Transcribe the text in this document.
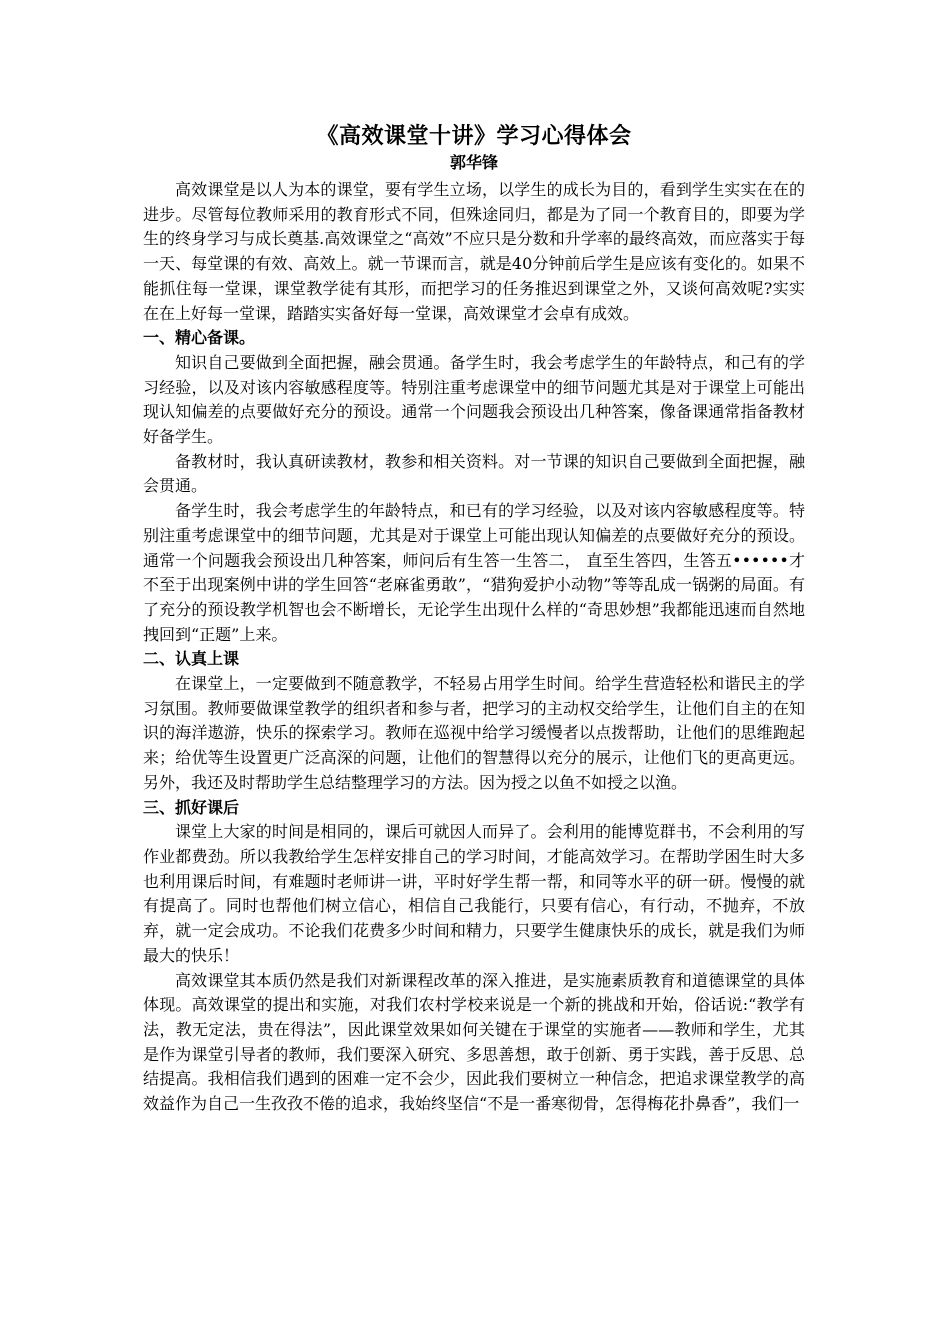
《高效课堂十讲》学习心得体会
郭华锋

高效课堂是以人为本的课堂，要有学生立场，以学生的成长为目的，看到学生实实在在的进步。尽管每位教师采用的教育形式不同，但殊途同归，都是为了同一个教育目的，即要为学生的终身学习与成长奠基.高效课堂之“高效”不应只是分数和升学率的最终高效，而应落实于每一天、每堂课的有效、高效上。就一节课而言，就是40分钟前后学生是应该有变化的。如果不能抓住每一堂课，课堂教学徒有其形，而把学习的任务推迟到课堂之外，又谈何高效呢?实实在在上好每一堂课，踏踏实实备好每一堂课，高效课堂才会卓有成效。

一、精心备课。

知识自己要做到全面把握，融会贯通。备学生时，我会考虑学生的年龄特点，和己有的学习经验，以及对该内容敏感程度等。特别注重考虑课堂中的细节问题尤其是对于课堂上可能出现认知偏差的点要做好充分的预设。通常一个问题我会预设出几种答案，像备课通常指备教材好备学生。

备教材时，我认真研读教材，教参和相关资料。对一节课的知识自己要做到全面把握，融会贯通。

备学生时，我会考虑学生的年龄特点，和已有的学习经验，以及对该内容敏感程度等。特别注重考虑课堂中的细节问题，尤其是对于课堂上可能出现认知偏差的点要做好充分的预设。通常一个问题我会预设出几种答案，师问后有生答一生答二， 直至生答四，生答五••••••才不至于出现案例中讲的学生回答“老麻雀勇敢”，“猎狗爱护小动物”等等乱成一锅粥的局面。有了充分的预设教学机智也会不断增长，无论学生出现什么样的“奇思妙想”我都能迅速而自然地拽回到“正题”上来。

二、认真上课

在课堂上，一定要做到不随意教学，不轻易占用学生时间。给学生营造轻松和谐民主的学习氛围。教师要做课堂教学的组织者和参与者，把学习的主动权交给学生，让他们自主的在知识的海洋遨游，快乐的探索学习。教师在巡视中给学习缓慢者以点拨帮助，让他们的思维跑起来；给优等生设置更广泛高深的问题，让他们的智慧得以充分的展示，让他们飞的更高更远。另外，我还及时帮助学生总结整理学习的方法。因为授之以鱼不如授之以渔。

三、抓好课后

课堂上大家的时间是相同的，课后可就因人而异了。会利用的能博览群书，不会利用的写作业都费劲。所以我教给学生怎样安排自己的学习时间，才能高效学习。在帮助学困生时大多也利用课后时间，有难题时老师讲一讲，平时好学生帮一帮，和同等水平的研一研。慢慢的就有提高了。同时也帮他们树立信心，相信自己我能行，只要有信心，有行动，不抛弃，不放弃，就一定会成功。不论我们花费多少时间和精力，只要学生健康快乐的成长，就是我们为师最大的快乐！

高效课堂其本质仍然是我们对新课程改革的深入推进，是实施素质教育和道德课堂的具体体现。高效课堂的提出和实施，对我们农村学校来说是一个新的挑战和开始，俗话说:“教学有法，教无定法，贵在得法”，因此课堂效果如何关键在于课堂的实施者——教师和学生，尤其是作为课堂引导者的教师，我们要深入研究、多思善想，敢于创新、勇于实践，善于反思、总结提高。我相信我们遇到的困难一定不会少，因此我们要树立一种信念，把追求课堂教学的高效益作为自己一生孜孜不倦的追求，我始终坚信“不是一番寒彻骨，怎得梅花扑鼻香”，我们一
